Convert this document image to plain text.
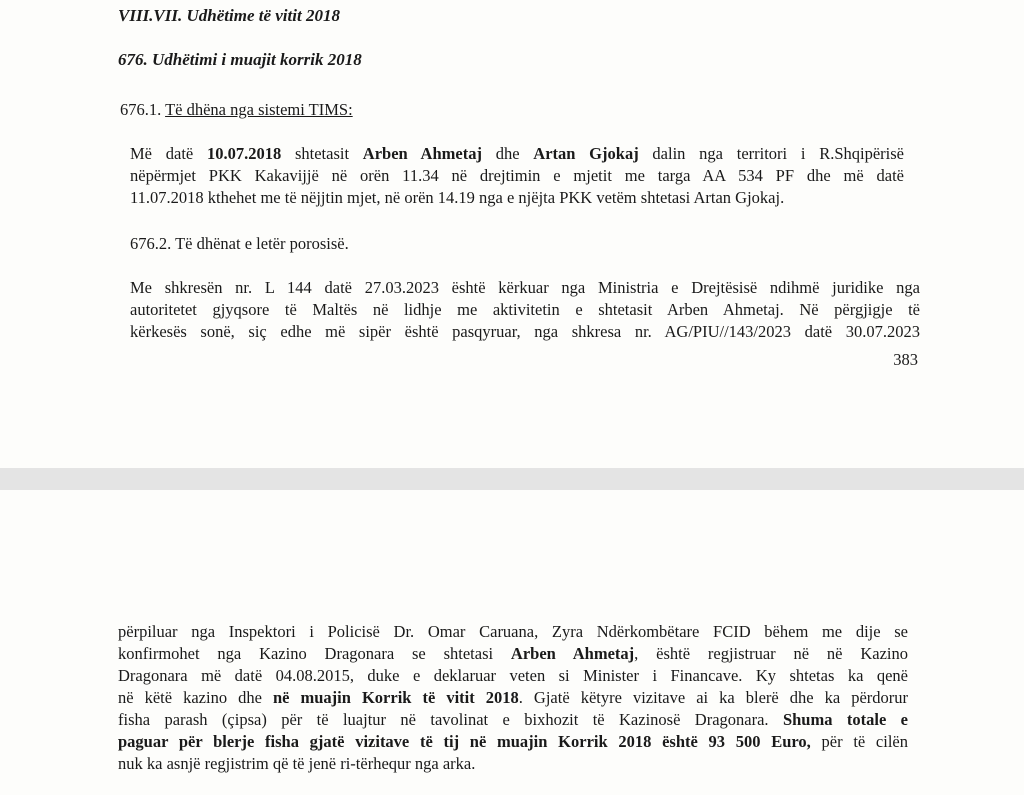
VIII.VII. Udhëtime të vitit 2018
676. Udhëtimi i muajit korrik 2018
676.1. Të dhëna nga sistemi TIMS:
Më datë 10.07.2018 shtetasit Arben Ahmetaj dhe Artan Gjokaj dalin nga territori i R.Shqipërisë
nëpërmjet PKK Kakavijjë në orën 11.34 në drejtimin e mjetit me targa AA 534 PF dhe më datë
11.07.2018 kthehet me të nëjjtin mjet, në orën 14.19 nga e njëjta PKK vetëm shtetasi Artan Gjokaj.
676.2. Të dhënat e letër porosisë.
Me shkresën nr. L 144 datë 27.03.2023 është kërkuar nga Ministria e Drejtësisë ndihmë juridike nga
autoritetet gjyqsore të Maltës në lidhje me aktivitetin e shtetasit Arben Ahmetaj. Në përgjigje të
kërkesës sonë, siç edhe më sipër është pasqyruar, nga shkresa nr. AG/PIU//143/2023 datë 30.07.2023
383
përpiluar nga Inspektori i Policisë Dr. Omar Caruana, Zyra Ndërkombëtare FCID bëhem me dije se
konfirmohet nga Kazino Dragonara se shtetasi Arben Ahmetaj, është regjistruar në në Kazino
Dragonara më datë 04.08.2015, duke e deklaruar veten si Minister i Financave. Ky shtetas ka qenë
në këtë kazino dhe në muajin Korrik të vitit 2018. Gjatë këtyre vizitave ai ka blerë dhe ka përdorur
fisha parash (çipsa) për të luajtur në tavolinat e bixhozit të Kazinosë Dragonara. Shuma totale e
paguar për blerje fisha gjatë vizitave të tij në muajin Korrik 2018 është 93 500 Euro, për të cilën
nuk ka asnjë regjistrim që të jenë ri-tërhequr nga arka.
